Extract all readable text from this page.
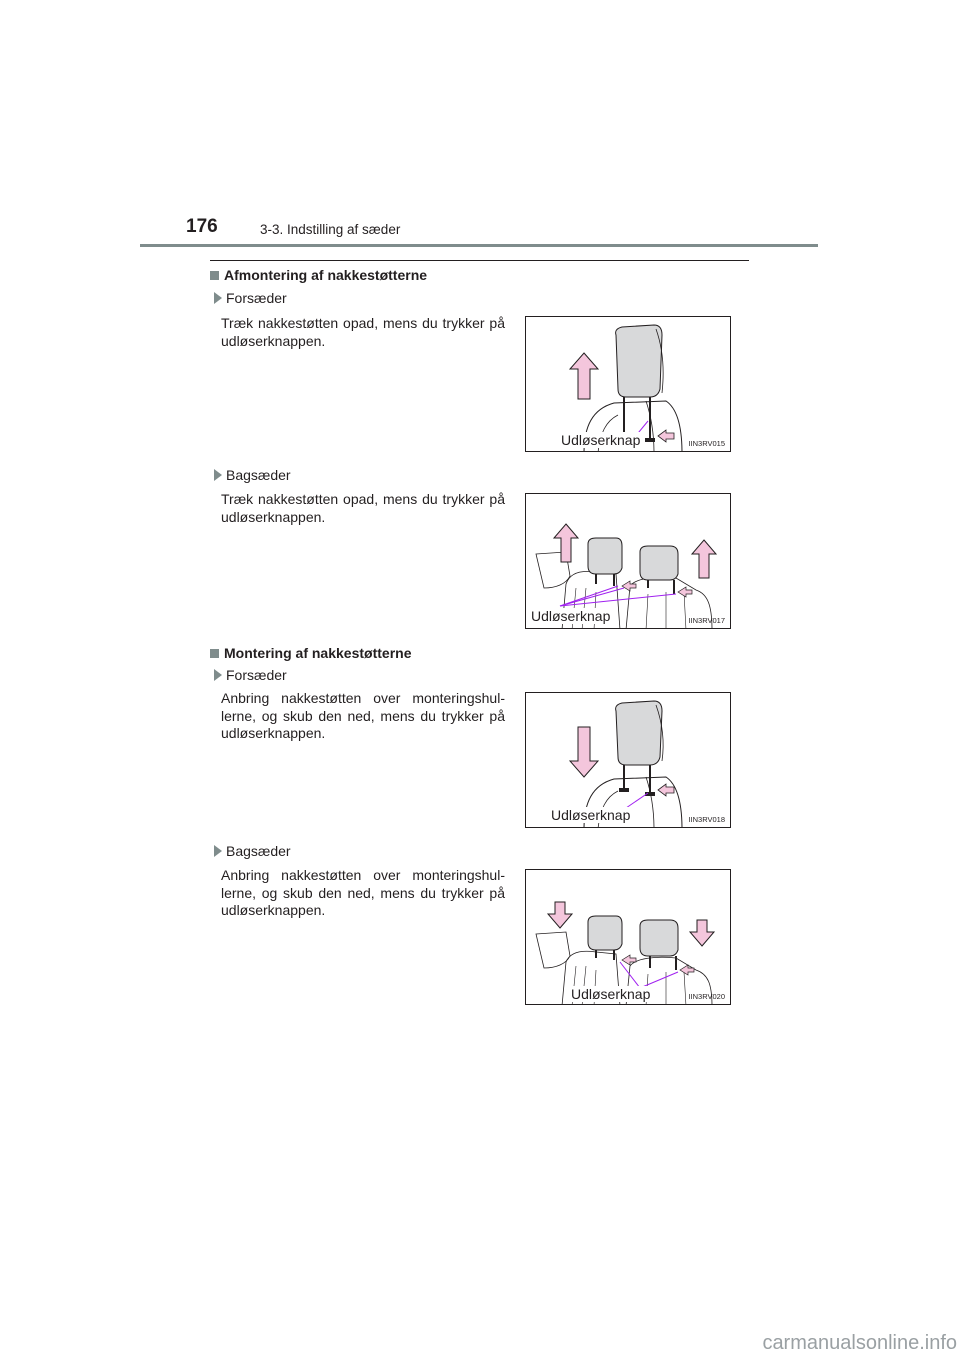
176	3-3. Indstilling af sæder
Afmontering af nakkestøtterne
Forsæder
Træk nakkestøtten opad, mens du trykker på udløserknappen.
Udløserknap	IIN3RV015
Bagsæder
Træk nakkestøtten opad, mens du trykker på udløserknappen.
Udløserknap	IIN3RV017
Montering af nakkestøtterne
Forsæder
Anbring nakkestøtten over monteringshul-lerne, og skub den ned, mens du trykker på udløserknappen.
Udløserknap	IIN3RV018
Bagsæder
Anbring nakkestøtten over monteringshul-lerne, og skub den ned, mens du trykker på udløserknappen.
Udløserknap	IIN3RV020
carmanualsonline.info
